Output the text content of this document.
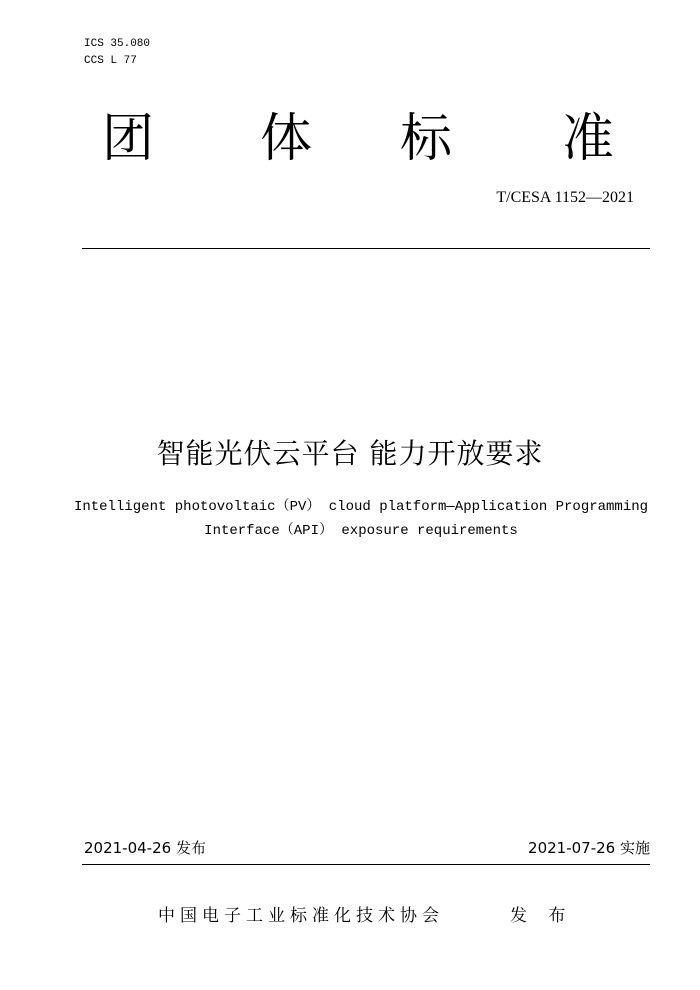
ICS 35.080
CCS L 77
团 体 标 准
T/CESA 1152—2021
智能光伏云平台 能力开放要求
Intelligent photovoltaic（PV） cloud platform—Application Programming
Interface（API） exposure requirements
2021-04-26 发布	2021-07-26 实施
中国电子工业标准化技术协会	发 布
